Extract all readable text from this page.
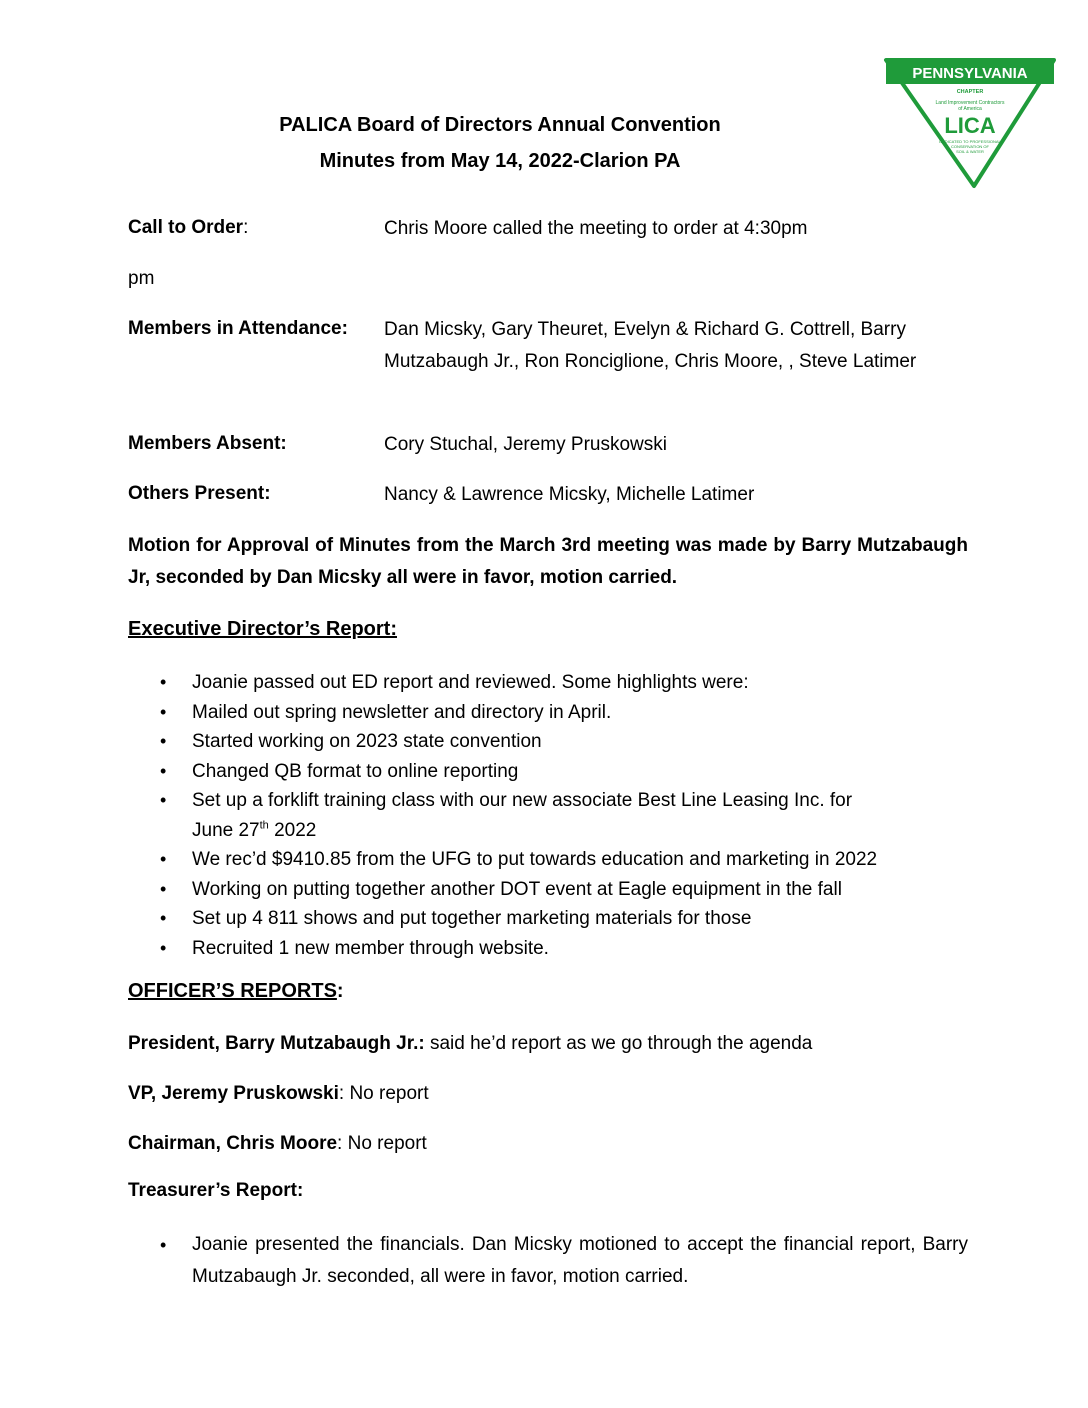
PALICA Board of Directors Annual Convention
Minutes from May 14, 2022-Clarion PA
PENNSYLVANIA
CHAPTER
Land Improvement Contractors
of America
LICA
DEDICATED TO PROFESSIONAL
CONSERVATION OF
SOIL & WATER
Call to Order:	Chris Moore called the meeting to order at 4:30pm
pm
Members in Attendance: Dan Micsky, Gary Theuret, Evelyn & Richard G. Cottrell, Barry Mutzabaugh Jr., Ron Ronciglione, Chris Moore, , Steve Latimer
Members Absent:	Cory Stuchal, Jeremy Pruskowski
Others Present:	Nancy & Lawrence Micsky, Michelle Latimer
Motion for Approval of Minutes from the March 3rd meeting was made by Barry Mutzabaugh Jr, seconded by Dan Micsky all were in favor, motion carried.
Executive Director’s Report:
• Joanie passed out ED report and reviewed. Some highlights were:
• Mailed out spring newsletter and directory in April.
• Started working on 2023 state convention
• Changed QB format to online reporting
• Set up a forklift training class with our new associate Best Line Leasing Inc. for
June 27th 2022
• We rec’d $9410.85 from the UFG to put towards education and marketing in 2022
• Working on putting together another DOT event at Eagle equipment in the fall
• Set up 4 811 shows and put together marketing materials for those
• Recruited 1 new member through website.
OFFICER’S REPORTS:
President, Barry Mutzabaugh Jr.: said he’d report as we go through the agenda
VP, Jeremy Pruskowski: No report
Chairman, Chris Moore: No report
Treasurer’s Report:
• Joanie presented the financials. Dan Micsky motioned to accept the financial report, Barry Mutzabaugh Jr. seconded, all were in favor, motion carried.
